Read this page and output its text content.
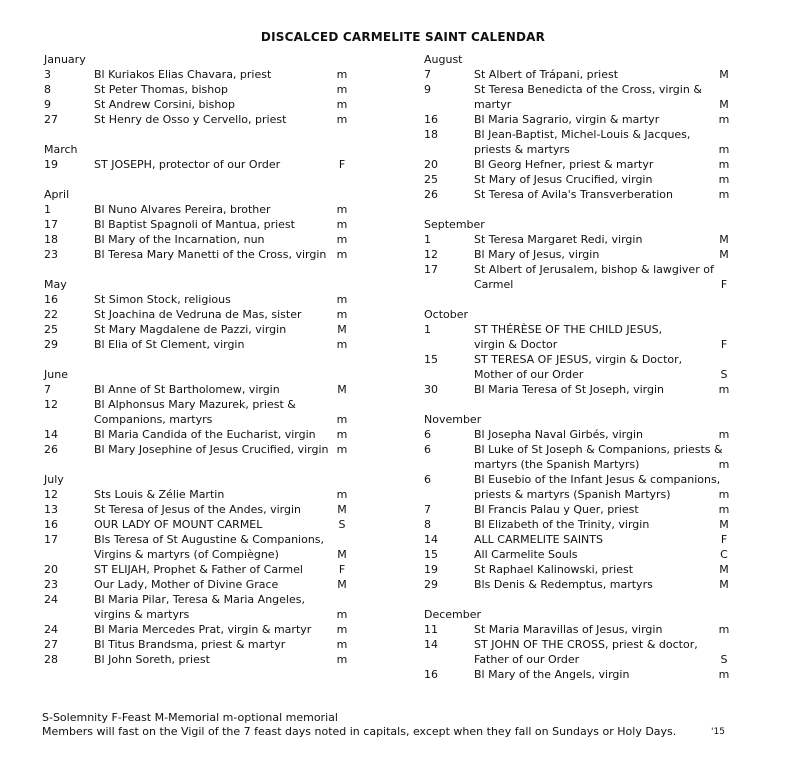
DISCALCED CARMELITE SAINT CALENDAR
January
3	Bl Kuriakos Elias Chavara, priest	m
8	St Peter Thomas, bishop	m
9	St Andrew Corsini, bishop	m
27	St Henry de Osso y Cervello, priest	m
March
19	ST JOSEPH, protector of our Order	F
April
1	Bl Nuno Alvares Pereira, brother	m
17	Bl Baptist Spagnoli of Mantua, priest	m
18	Bl Mary of the Incarnation, nun	m
23	Bl Teresa Mary Manetti of the Cross, virgin m
May
16	St Simon Stock, religious	m
22	St Joachina de Vedruna de Mas, sister	m
25	St Mary Magdalene de Pazzi, virgin	M
29	Bl Elia of St Clement, virgin	m
June
7	Bl Anne of St Bartholomew, virgin	M
12	Bl Alphonsus Mary Mazurek, priest &
Companions, martyrs	m
14	Bl Maria Candida of the Eucharist, virgin	m
26	Bl Mary Josephine of Jesus Crucified, virgin m
July
12	Sts Louis & Zélie Martin	m
13	St Teresa of Jesus of the Andes, virgin	M
16	OUR LADY OF MOUNT CARMEL	S
17	Bls Teresa of St Augustine & Companions,
Virgins & martyrs (of Compiègne)	M
20	ST ELIJAH, Prophet & Father of Carmel	F
23	Our Lady, Mother of Divine Grace	M
24	Bl Maria Pilar, Teresa & Maria Angeles,
virgins & martyrs	m
24	Bl Maria Mercedes Prat, virgin & martyr	m
27	Bl Titus Brandsma, priest & martyr	m
28	Bl John Soreth, priest	m
August
7	St Albert of Trápani, priest	M
9	St Teresa Benedicta of the Cross, virgin &
martyr	M
16	Bl Maria Sagrario, virgin & martyr	m
18	Bl Jean-Baptist, Michel-Louis & Jacques,
priests & martyrs	m
20	Bl Georg Hefner, priest & martyr	m
25	St Mary of Jesus Crucified, virgin	m
26	St Teresa of Avila's Transverberation	m
September
1	St Teresa Margaret Redi, virgin	M
12	Bl Mary of Jesus, virgin	M
17	St Albert of Jerusalem, bishop & lawgiver of
Carmel	F
October
1	ST THÉRÈSE OF THE CHILD JESUS,
virgin & Doctor	F
15	ST TERESA OF JESUS, virgin & Doctor,
Mother of our Order	S
30	Bl Maria Teresa of St Joseph, virgin	m
November
6	Bl Josepha Naval Girbés, virgin	m
6	Bl Luke of St Joseph & Companions, priests &
martyrs (the Spanish Martyrs)	m
6	Bl Eusebio of the Infant Jesus & companions,
priests & martyrs (Spanish Martyrs)	m
7	Bl Francis Palau y Quer, priest	m
8	Bl Elizabeth of the Trinity, virgin	M
14	ALL CARMELITE SAINTS	F
15	All Carmelite Souls	C
19	St Raphael Kalinowski, priest	M
29	Bls Denis & Redemptus, martyrs	M
December
11	St Maria Maravillas of Jesus, virgin	m
14	ST JOHN OF THE CROSS, priest & doctor,
Father of our Order	S
16	Bl Mary of the Angels, virgin	m
S-Solemnity F-Feast M-Memorial m-optional memorial
Members will fast on the Vigil of the 7 feast days noted in capitals, except when they fall on Sundays or Holy Days.	'15
